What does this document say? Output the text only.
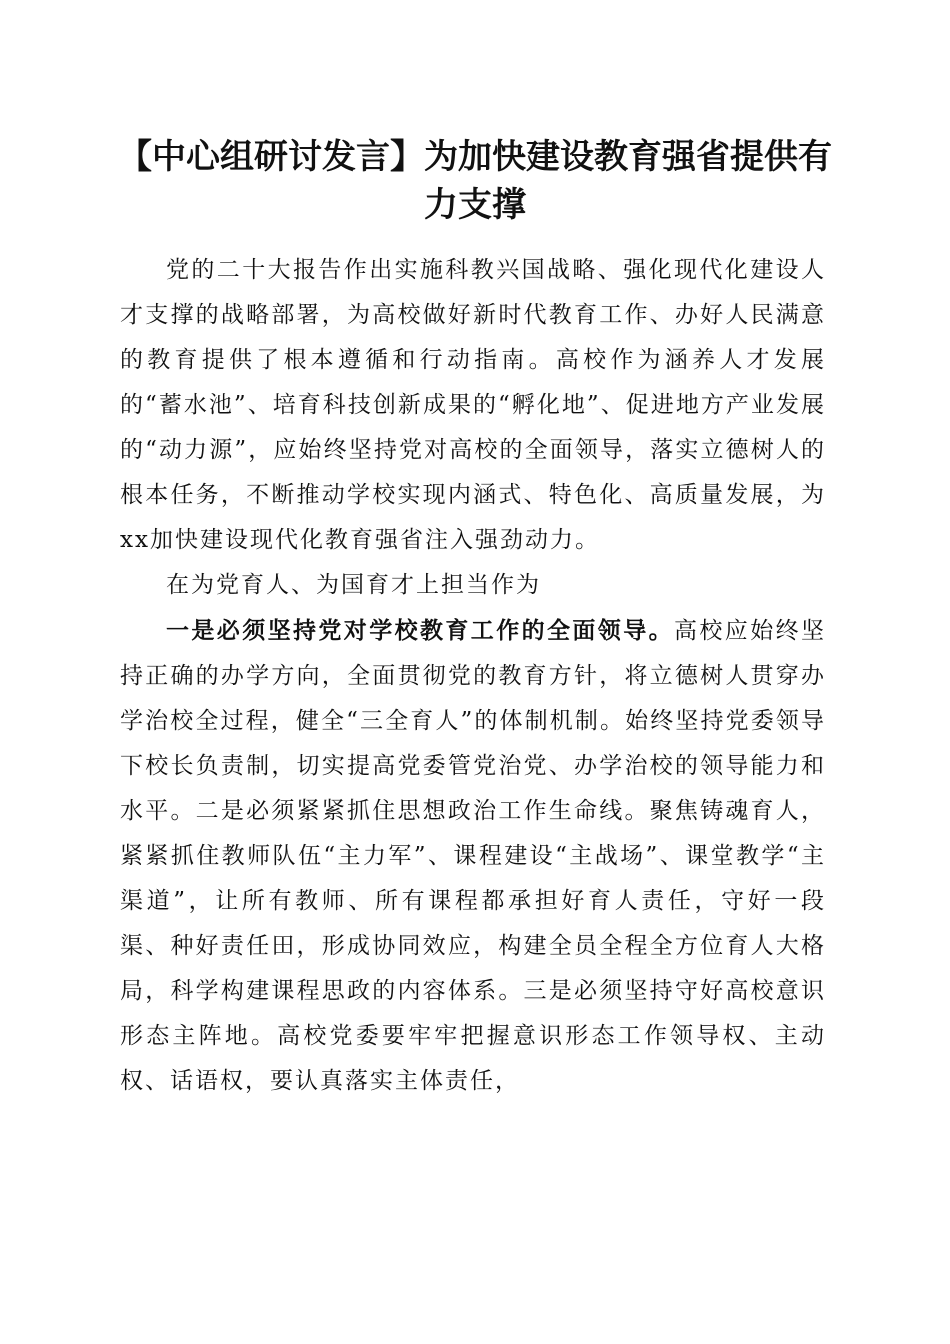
【中心组研讨发言】为加快建设教育强省提供有力支撑

党的二十大报告作出实施科教兴国战略、强化现代化建设人才支撑的战略部署，为高校做好新时代教育工作、办好人民满意的教育提供了根本遵循和行动指南。高校作为涵养人才发展的“蓄水池”、培育科技创新成果的“孵化地”、促进地方产业发展的“动力源”，应始终坚持党对高校的全面领导，落实立德树人的根本任务，不断推动学校实现内涵式、特色化、高质量发展，为xx加快建设现代化教育强省注入强劲动力。

在为党育人、为国育才上担当作为

一是必须坚持党对学校教育工作的全面领导。高校应始终坚持正确的办学方向，全面贯彻党的教育方针，将立德树人贯穿办学治校全过程，健全“三全育人”的体制机制。始终坚持党委领导下校长负责制，切实提高党委管党治党、办学治校的领导能力和水平。二是必须紧紧抓住思想政治工作生命线。聚焦铸魂育人，紧紧抓住教师队伍“主力军”、课程建设“主战场”、课堂教学“主渠道”，让所有教师、所有课程都承担好育人责任，守好一段渠、种好责任田，形成协同效应，构建全员全程全方位育人大格局，科学构建课程思政的内容体系。三是必须坚持守好高校意识形态主阵地。高校党委要牢牢把握意识形态工作领导权、主动权、话语权，要认真落实主体责任，
